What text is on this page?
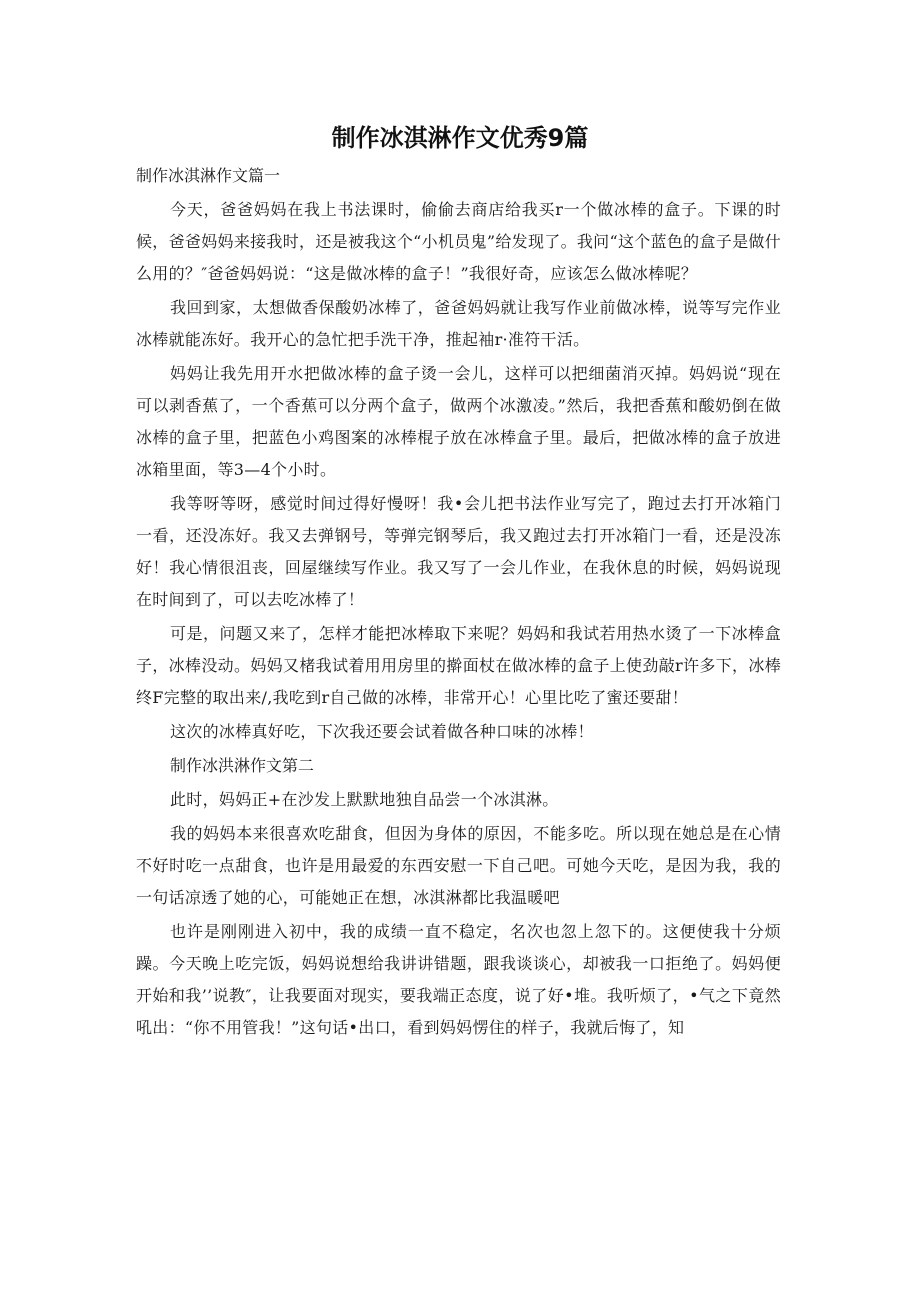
制作冰淇淋作文优秀9篇

制作冰淇淋作文篇一

今天，爸爸妈妈在我上书法课时，偷偷去商店给我买r一个做冰棒的盒子。下课的时候，爸爸妈妈来接我时，还是被我这个“小机员鬼”给发现了。我问“这个蓝色的盒子是做什么用的？″爸爸妈妈说：“这是做冰棒的盒子！”我很好奇，应该怎么做冰棒呢？

我回到家，太想做香保酸奶冰棒了，爸爸妈妈就让我写作业前做冰棒，说等写完作业冰棒就能冻好。我开心的急忙把手洗干净，推起袖r·准符干活。

妈妈让我先用开水把做冰棒的盒子烫一会儿，这样可以把细菌消灭掉。妈妈说“现在可以剥香蕉了，一个香蕉可以分两个盒子，做两个冰激凌。”然后，我把香蕉和酸奶倒在做冰棒的盒子里，把蓝色小鸡图案的冰棒棍子放在冰棒盒子里。最后，把做冰棒的盒子放进冰箱里面，等3—4个小时。

我等呀等呀，感觉时间过得好慢呀！我•会儿把书法作业写完了，跑过去打开冰箱门一看，还没冻好。我又去弹钢号，等弹完钢琴后，我又跑过去打开冰箱门一看，还是没冻好！我心情很沮丧，回屋继续写作业。我又写了一会儿作业，在我休息的时候，妈妈说现在时间到了，可以去吃冰棒了！

可是，问题又来了，怎样才能把冰棒取下来呢？妈妈和我试若用热水烫了一下冰棒盒子，冰棒没动。妈妈又楮我试着用用房里的擀面杖在做冰棒的盒子上使劲敲r许多下，冰棒终F完整的取出来/,我吃到r自己做的冰棒，非常开心！心里比吃了蜜还要甜！

这次的冰棒真好吃，下次我还要会试着做各种口味的冰棒！

制作冰洪淋作文第二

此时，妈妈正+在沙发上默默地独自品尝一个冰淇淋。

我的妈妈本来很喜欢吃甜食，但因为身体的原因，不能多吃。所以现在她总是在心情不好时吃一点甜食，也许是用最爱的东西安慰一下自己吧。可她今天吃，是因为我，我的一句话凉透了她的心，可能她正在想，冰淇淋都比我温暖吧

也许是刚刚进入初中，我的成绩一直不稳定，名次也忽上忽下的。这便使我十分烦躁。今天晚上吃完饭，妈妈说想给我讲讲错题，跟我谈谈心，却被我一口拒绝了。妈妈便开始和我’’说教″，让我要面对现实，要我端正态度，说了好•堆。我听烦了，•气之下竟然吼出：“你不用管我！”这句话•出口，看到妈妈愣住的样子，我就后悔了，知
